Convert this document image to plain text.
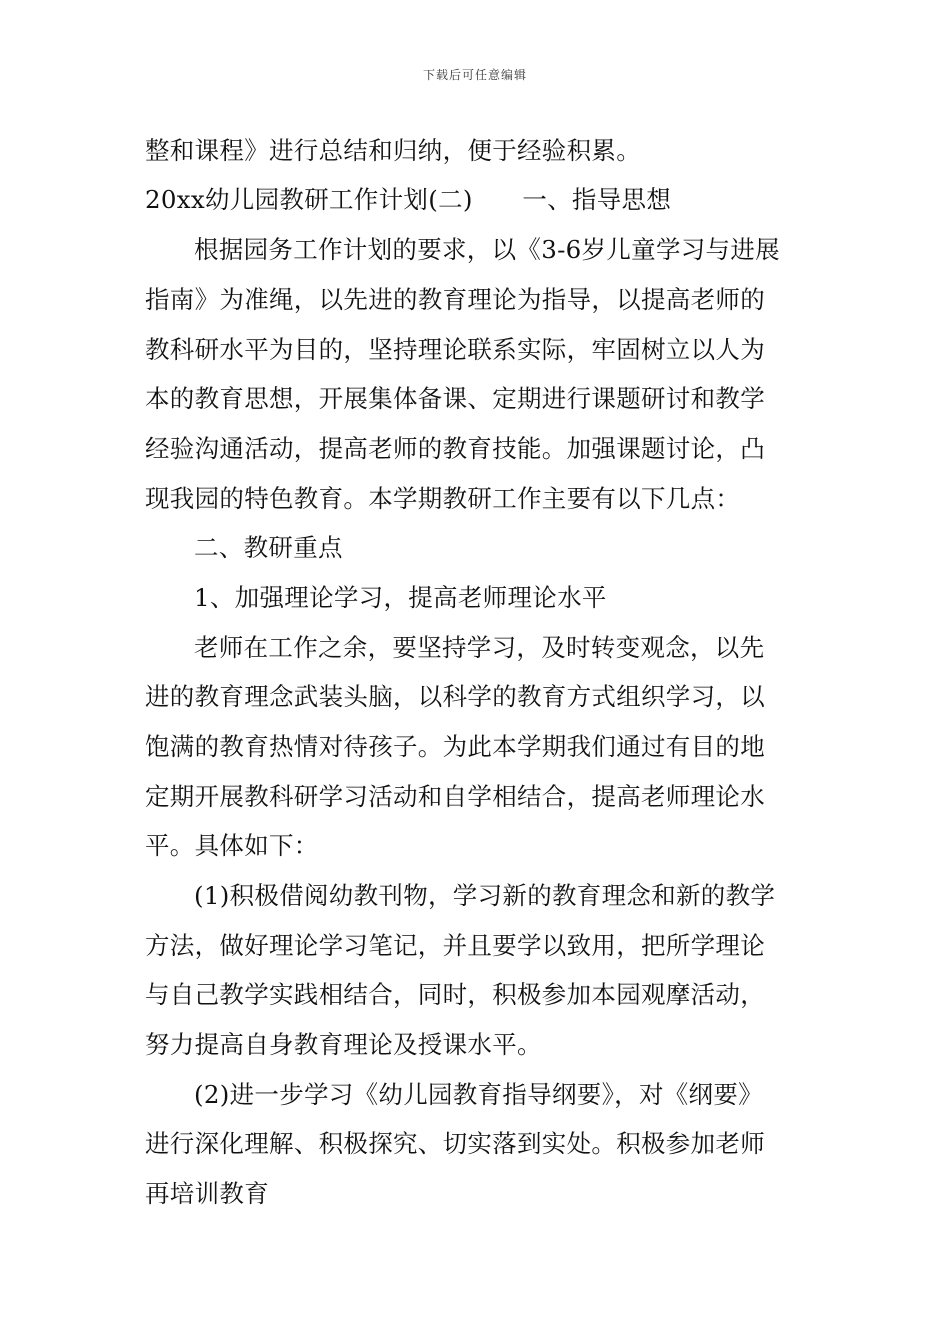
下载后可任意编辑
整和课程》进行总结和归纳，便于经验积累。
20xx幼儿园教研工作计划(二)　　一、指导思想
根据园务工作计划的要求，以《3-6岁儿童学习与进展
指南》为准绳，以先进的教育理论为指导，以提高老师的
教科研水平为目的，坚持理论联系实际，牢固树立以人为
本的教育思想，开展集体备课、定期进行课题研讨和教学
经验沟通活动，提高老师的教育技能。加强课题讨论，凸
现我园的特色教育。本学期教研工作主要有以下几点：
二、教研重点
1、加强理论学习，提高老师理论水平
老师在工作之余，要坚持学习，及时转变观念，以先
进的教育理念武装头脑，以科学的教育方式组织学习，以
饱满的教育热情对待孩子。为此本学期我们通过有目的地
定期开展教科研学习活动和自学相结合，提高老师理论水
平。具体如下：
(1)积极借阅幼教刊物，学习新的教育理念和新的教学
方法，做好理论学习笔记，并且要学以致用，把所学理论
与自己教学实践相结合，同时，积极参加本园观摩活动，
努力提高自身教育理论及授课水平。
(2)进一步学习《幼儿园教育指导纲要》，对《纲要》
进行深化理解、积极探究、切实落到实处。积极参加老师
再培训教育
